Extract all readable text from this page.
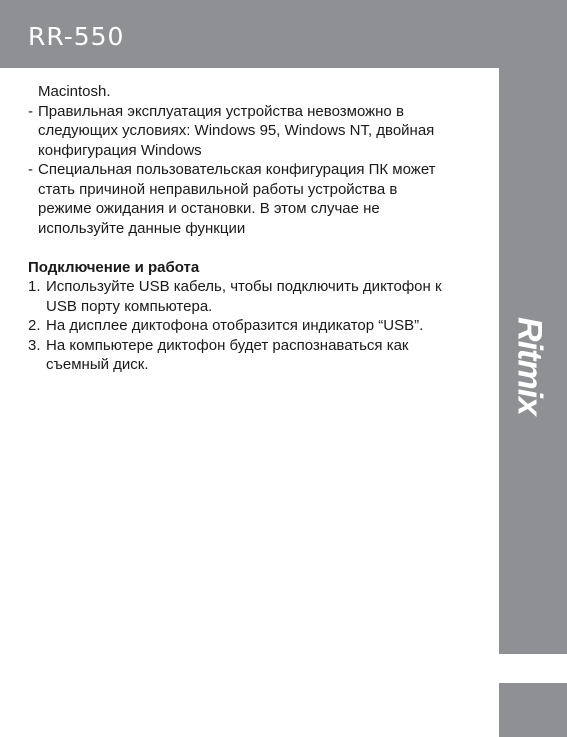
RR-550
Ritmix
Macintosh.
- Правильная эксплуатация устройства невозможно в
следующих условиях: Windows 95, Windows NT, двойная
конфигурация Windows
- Специальная пользовательская конфигурация ПК может
стать причиной неправильной работы устройства в
режиме ожидания и остановки. В этом случае не
используйте данные функции
Подключение и работа
1. Используйте USB кабель, чтобы подключить диктофон к
USB порту компьютера.
2. На дисплее диктофона отобразится индикатор “USB”.
3. На компьютере диктофон будет распознаваться как
съемный диск.
